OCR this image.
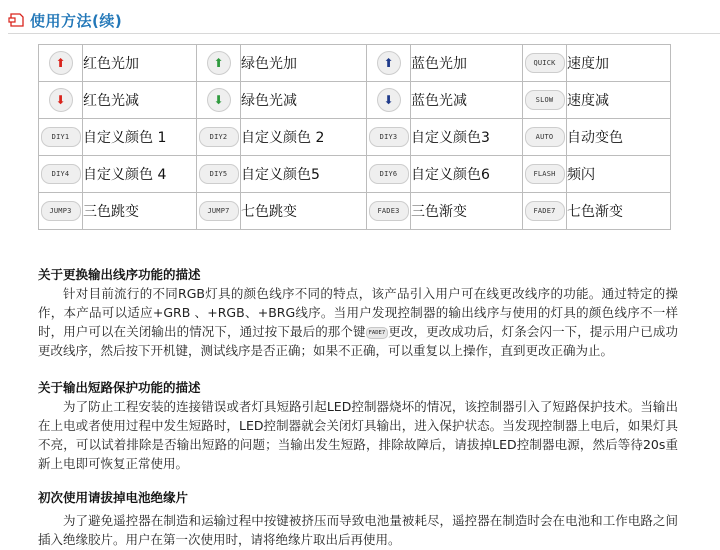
使用方法(续)
⬆	红色光加	⬆	绿色光加	⬆	蓝色光加	QUICK	速度加
⬇	红色光减	⬇	绿色光减	⬇	蓝色光减	SLOW	速度减
DIY1	自定义颜色 1	DIY2	自定义颜色 2	DIY3	自定义颜色3	AUTO	自动变色
DIY4	自定义颜色 4	DIY5	自定义颜色5	DIY6	自定义颜色6	FLASH	频闪
JUMP3	三色跳变	JUMP7	七色跳变	FADE3	三色渐变	FADE7	七色渐变
关于更换输出线序功能的描述
针对目前流行的不同RGB灯具的颜色线序不同的特点，该产品引入用户可在线更改线序的功能。通过特定的操作，本产品可以适应+GRB 、+RGB、+BRG线序。当用户发现控制器的输出线序与使用的灯具的颜色线序不一样时，用户可以在关闭输出的情况下，通过按下最后的那个键 FADE7 更改，更改成功后，灯条会闪一下，提示用户已成功更改线序，然后按下开机键，测试线序是否正确；如果不正确，可以重复以上操作，直到更改正确为止。
关于输出短路保护功能的描述
为了防止工程安装的连接错误或者灯具短路引起LED控制器烧坏的情况，该控制器引入了短路保护技术。当输出在上电或者使用过程中发生短路时，LED控制器就会关闭灯具输出，进入保护状态。当发现控制器上电后，如果灯具不亮，可以试着排除是否输出短路的问题；当输出发生短路，排除故障后，请拔掉LED控制器电源，然后等待20s重新上电即可恢复正常使用。
初次使用请拔掉电池绝缘片
为了避免遥控器在制造和运输过程中按键被挤压而导致电池量被耗尽，遥控器在制造时会在电池和工作电路之间插入绝缘胶片。用户在第一次使用时，请将绝缘片取出后再使用。
